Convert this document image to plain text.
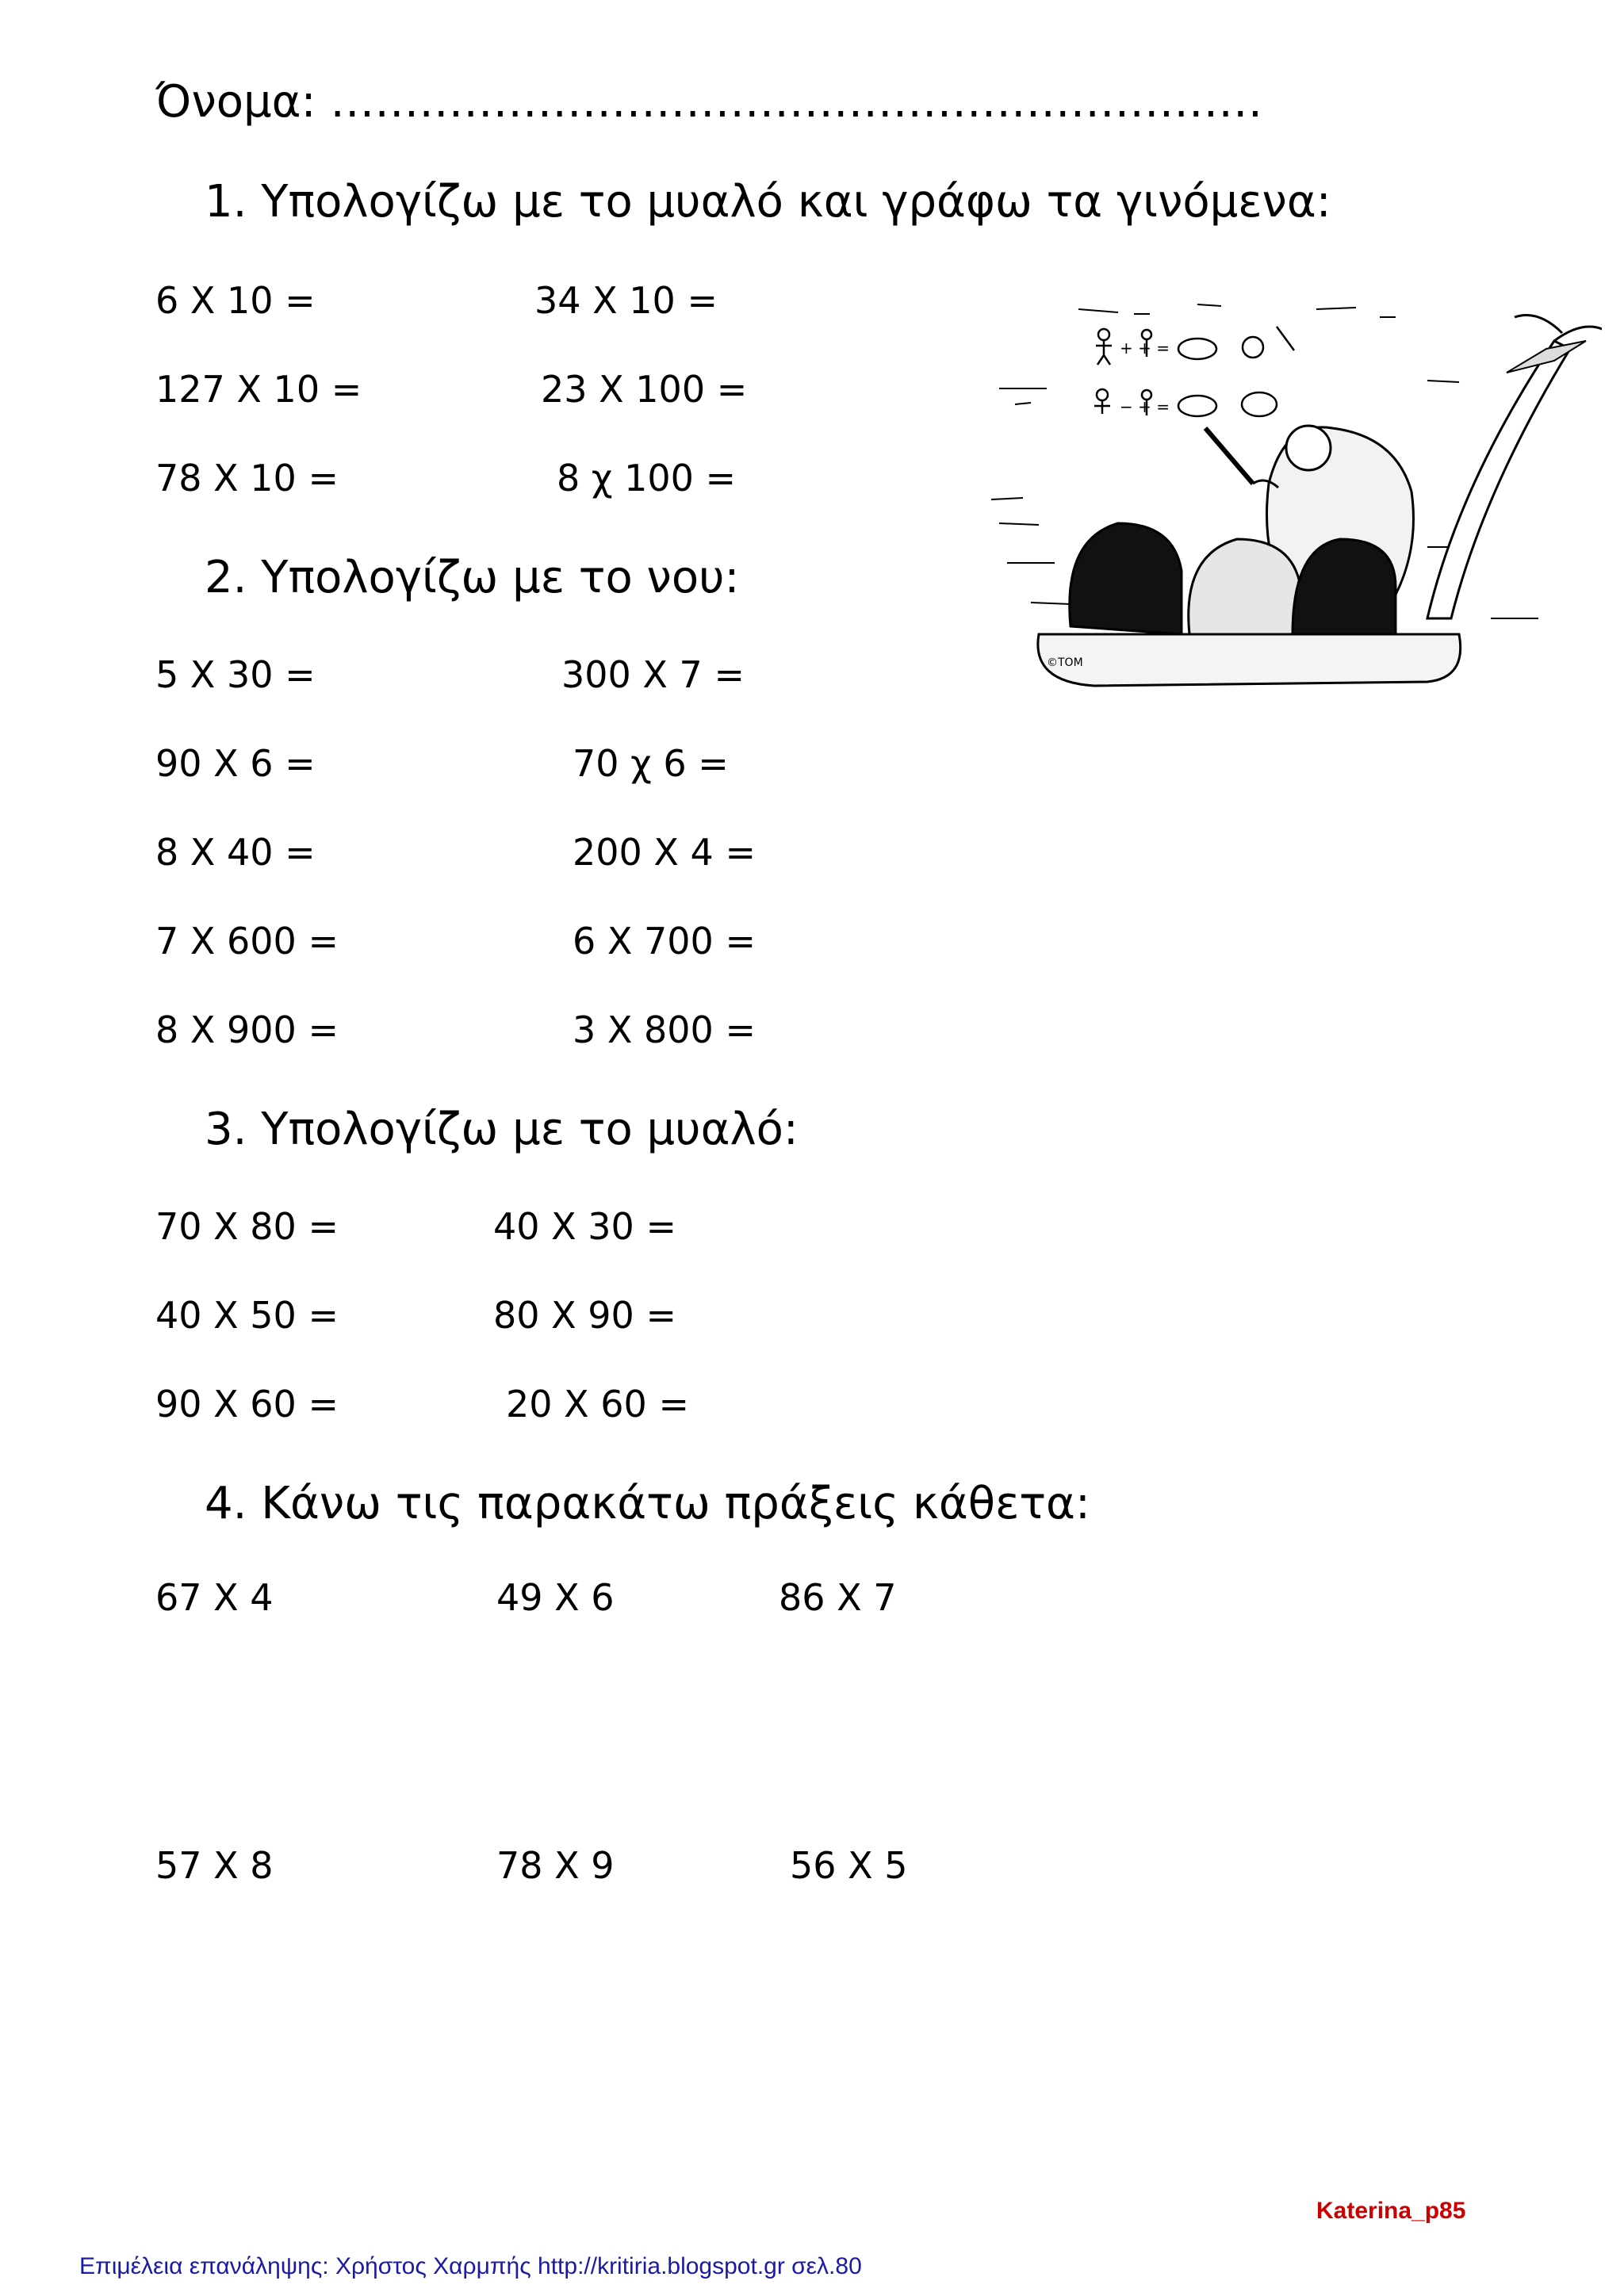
Όνομα: ………………………………………………………
1. Υπολογίζω με το μυαλό και γράφω τα γινόμενα:
6 X 10 =	34 X 10 =
127 X 10 =	23 X 100 =
78 X 10 =	8 χ 100 =
2. Υπολογίζω με το νου:
5 X 30 =	300 X 7 =
90 X 6 =	70 χ 6 =
8 X 40 =	200 X 4 =
7 X 600 =	6 X 700 =
8 X 900 =	3 X 800 =
3. Υπολογίζω με το μυαλό:
70 X 80 =	40 X 30 =
40 X 50 =	80 X 90 =
90 X 60 =	20 X 60 =
4. Κάνω τις παρακάτω πράξεις κάθετα:
67 X 4	49 X 6	86 X 7
57 X 8	78 X 9	56 X 5
+ + =
− + =
©TOM
Katerina_p85
Επιμέλεια επανάληψης: Χρήστος Χαρμπής http://kritiria.blogspot.gr σελ.80
